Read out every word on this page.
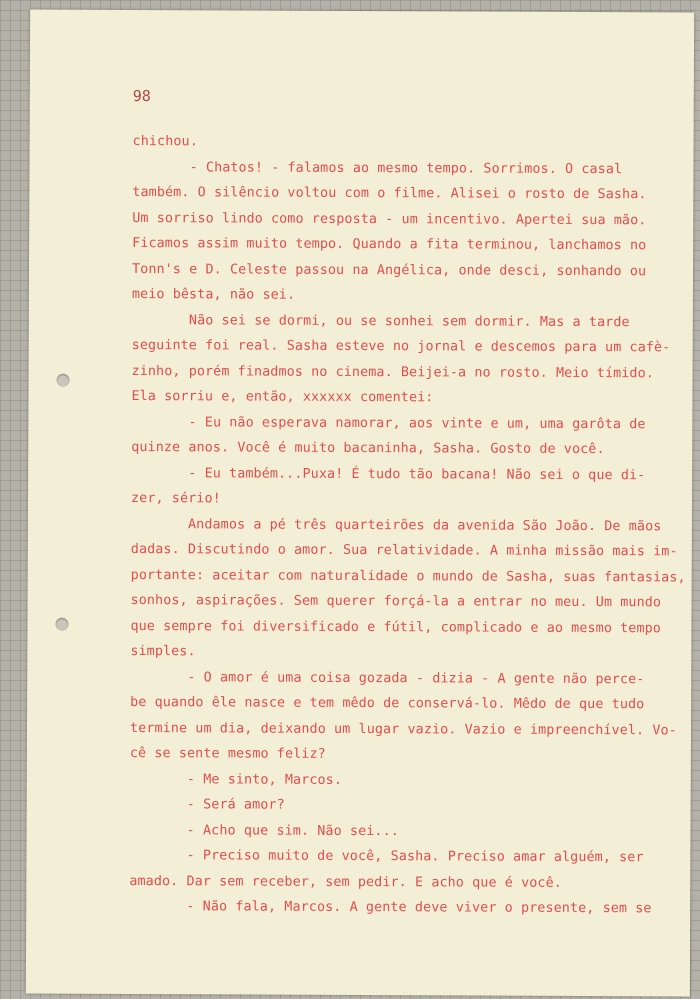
98
chichou.
- Chatos! - falamos ao mesmo tempo. Sorrimos. O casal
também. O silêncio voltou com o filme. Alisei o rosto de Sasha.
Um sorriso lindo como resposta - um incentivo. Apertei sua mão.
Ficamos assim muito tempo. Quando a fita terminou, lanchamos no
Tonn's e D. Celeste passou na Angélica, onde desci, sonhando ou
meio bêsta, não sei.
Não sei se dormi, ou se sonhei sem dormir. Mas a tarde
seguinte foi real. Sasha esteve no jornal e descemos para um cafè-
zinho, porém finadmos no cinema. Beijei-a no rosto. Meio tímido.
Ela sorriu e, então, xxxxxx comentei:
- Eu não esperava namorar, aos vinte e um, uma garôta de
quinze anos. Você é muito bacaninha, Sasha. Gosto de você.
- Eu também...Puxa! É tudo tão bacana! Não sei o que di-
zer, sério!
Andamos a pé três quarteirões da avenida São João. De mãos
dadas. Discutindo o amor. Sua relatividade. A minha missão mais im-
portante: aceitar com naturalidade o mundo de Sasha, suas fantasias,
sonhos, aspirações. Sem querer forçá-la a entrar no meu. Um mundo
que sempre foi diversificado e fútil, complicado e ao mesmo tempo
simples.
- O amor é uma coisa gozada - dizia - A gente não perce-
be quando êle nasce e tem mêdo de conservá-lo. Mêdo de que tudo
termine um dia, deixando um lugar vazio. Vazio e impreenchível. Vo-
cê se sente mesmo feliz?
- Me sinto, Marcos.
- Será amor?
- Acho que sim. Não sei...
- Preciso muito de você, Sasha. Preciso amar alguém, ser
amado. Dar sem receber, sem pedir. E acho que é você.
- Não fala, Marcos. A gente deve viver o presente, sem se
